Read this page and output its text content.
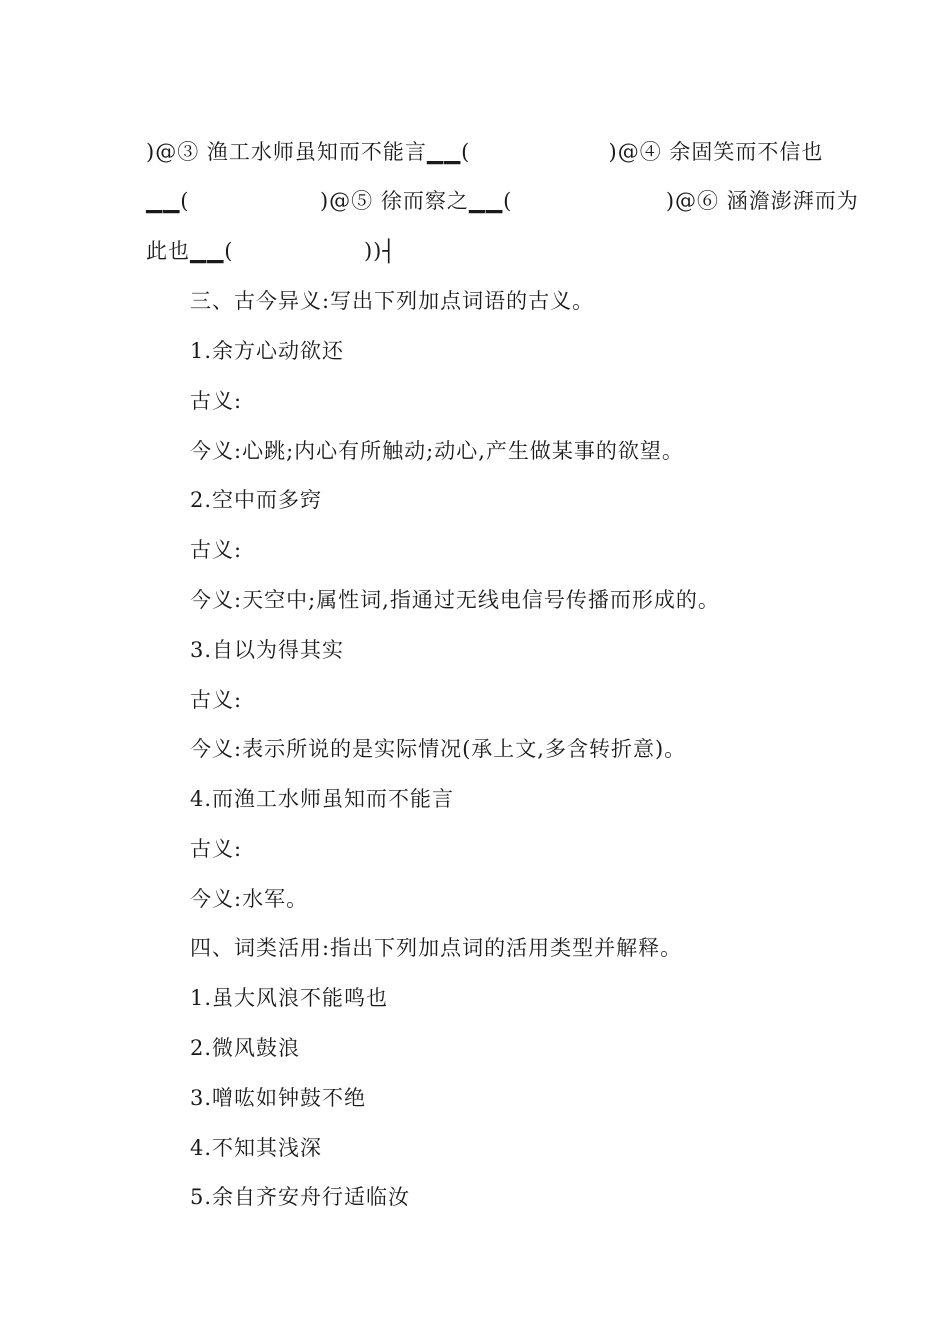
)@③ 渔工水师虽知而不能言▁▁(                  )@④ 余固笑而不信也
▁▁(                 )@⑤ 徐而察之▁▁(                    )@⑥ 涵澹澎湃而为
此也▁▁(                 ))┤
三、古今异义:写出下列加点词语的古义。
1.余方心动欲还
古义:
今义:心跳;内心有所触动;动心,产生做某事的欲望。
2.空中而多窍
古义:
今义:天空中;属性词,指通过无线电信号传播而形成的。
3.自以为得其实
古义:
今义:表示所说的是实际情况(承上文,多含转折意)。
4.而渔工水师虽知而不能言
古义:
今义:水军。
四、词类活用:指出下列加点词的活用类型并解释。
1.虽大风浪不能鸣也
2.微风鼓浪
3.噌吰如钟鼓不绝
4.不知其浅深
5.余自齐安舟行适临汝
